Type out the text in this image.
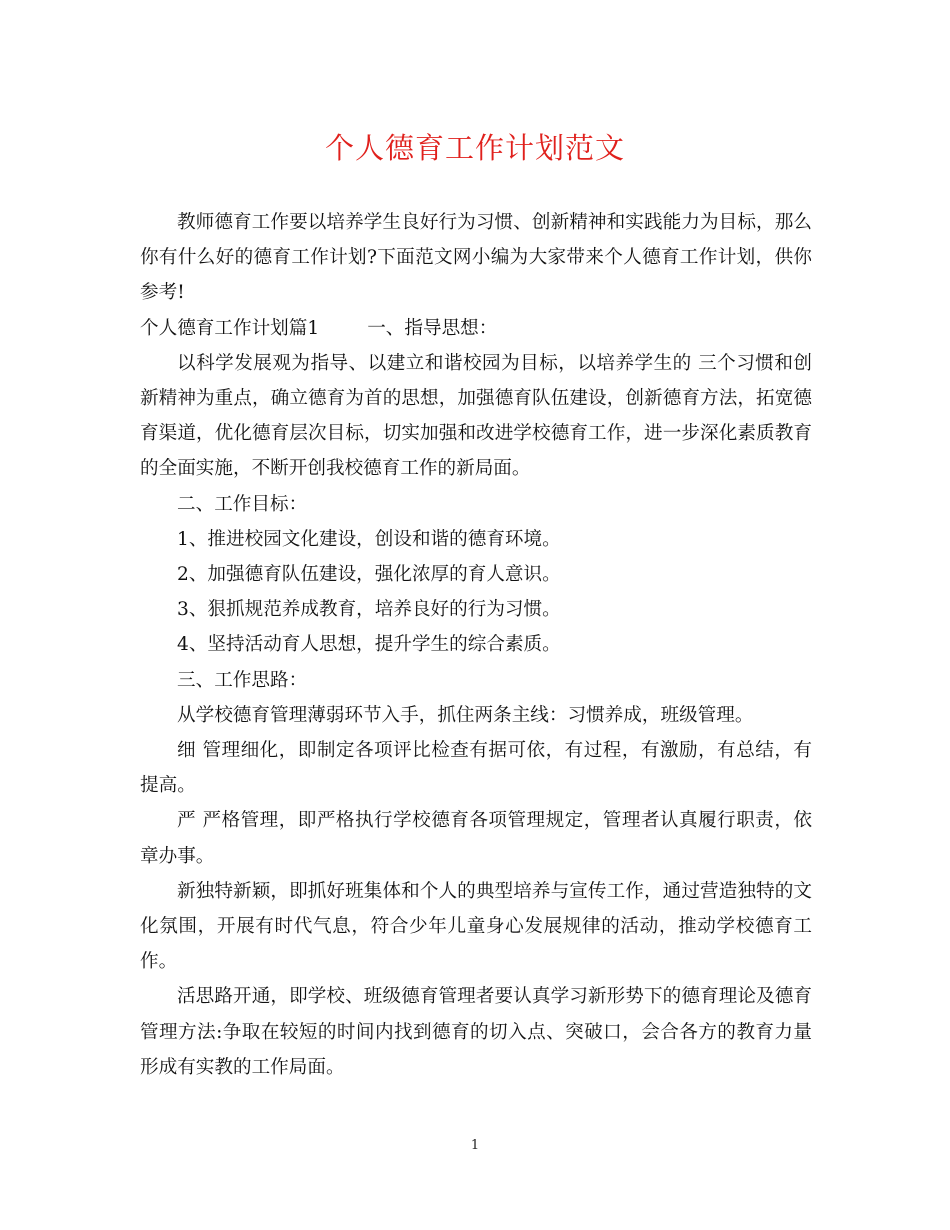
个人德育工作计划范文

教师德育工作要以培养学生良好行为习惯、创新精神和实践能力为目标，那么你有什么好的德育工作计划?下面范文网小编为大家带来个人德育工作计划，供你参考!

个人德育工作计划篇1	一、指导思想：

以科学发展观为指导、以建立和谐校园为目标，以培养学生的 三个习惯和创新精神为重点，确立德育为首的思想，加强德育队伍建设，创新德育方法，拓宽德育渠道，优化德育层次目标，切实加强和改进学校德育工作，进一步深化素质教育的全面实施，不断开创我校德育工作的新局面。

二、工作目标：

1、推进校园文化建设，创设和谐的德育环境。

2、加强德育队伍建设，强化浓厚的育人意识。

3、狠抓规范养成教育，培养良好的行为习惯。

4、坚持活动育人思想，提升学生的综合素质。

三、工作思路：

从学校德育管理薄弱环节入手，抓住两条主线：习惯养成，班级管理。

细 管理细化，即制定各项评比检查有据可依，有过程，有激励，有总结，有提高。

严 严格管理，即严格执行学校德育各项管理规定，管理者认真履行职责，依章办事。

新独特新颖，即抓好班集体和个人的典型培养与宣传工作，通过营造独特的文化氛围，开展有时代气息，符合少年儿童身心发展规律的活动，推动学校德育工作。

活思路开通，即学校、班级德育管理者要认真学习新形势下的德育理论及德育管理方法:争取在较短的时间内找到德育的切入点、突破口，会合各方的教育力量形成有实教的工作局面。

1
